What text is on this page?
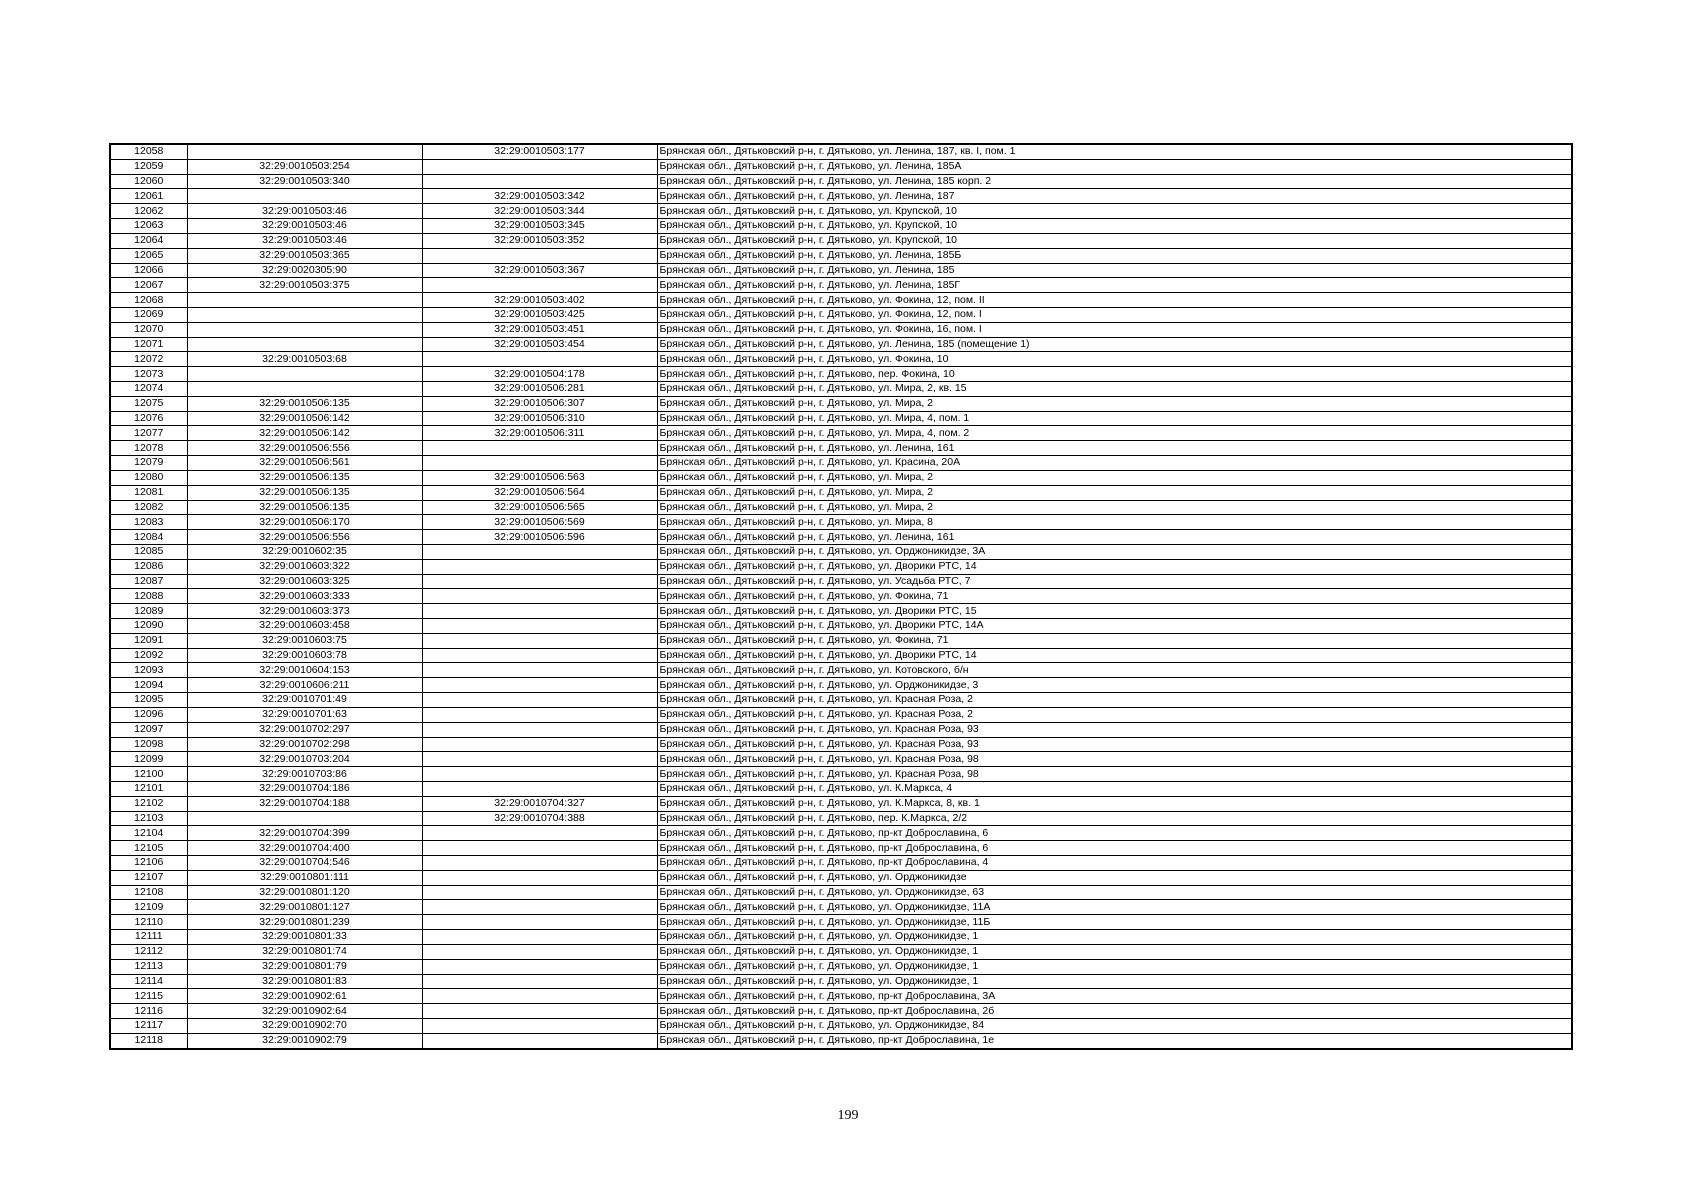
12058		32:29:0010503:177	Брянская обл., Дятьковский р-н, г. Дятьково, ул. Ленина, 187, кв. I, пом. 1
12059	32:29:0010503:254		Брянская обл., Дятьковский р-н, г. Дятьково, ул. Ленина, 185А
12060	32:29:0010503:340		Брянская обл., Дятьковский р-н, г. Дятьково, ул. Ленина, 185 корп. 2
12061		32:29:0010503:342	Брянская обл., Дятьковский р-н, г. Дятьково, ул. Ленина, 187
12062	32:29:0010503:46	32:29:0010503:344	Брянская обл., Дятьковский р-н, г. Дятьково, ул. Крупской, 10
12063	32:29:0010503:46	32:29:0010503:345	Брянская обл., Дятьковский р-н, г. Дятьково, ул. Крупской, 10
12064	32:29:0010503:46	32:29:0010503:352	Брянская обл., Дятьковский р-н, г. Дятьково, ул. Крупской, 10
12065	32:29:0010503:365		Брянская обл., Дятьковский р-н, г. Дятьково, ул. Ленина, 185Б
12066	32:29:0020305:90	32:29:0010503:367	Брянская обл., Дятьковский р-н, г. Дятьково, ул. Ленина, 185
12067	32:29:0010503:375		Брянская обл., Дятьковский р-н, г. Дятьково, ул. Ленина, 185Г
12068		32:29:0010503:402	Брянская обл., Дятьковский р-н, г. Дятьково, ул. Фокина, 12, пом. II
12069		32:29:0010503:425	Брянская обл., Дятьковский р-н, г. Дятьково, ул. Фокина, 12, пом. I
12070		32:29:0010503:451	Брянская обл., Дятьковский р-н, г. Дятьково, ул. Фокина, 16, пом. I
12071		32:29:0010503:454	Брянская обл., Дятьковский р-н, г. Дятьково, ул. Ленина, 185 (помещение 1)
12072	32:29:0010503:68		Брянская обл., Дятьковский р-н, г. Дятьково, ул. Фокина, 10
12073		32:29:0010504:178	Брянская обл., Дятьковский р-н, г. Дятьково, пер. Фокина, 10
12074		32:29:0010506:281	Брянская обл., Дятьковский р-н, г. Дятьково, ул. Мира, 2, кв. 15
12075	32:29:0010506:135	32:29:0010506:307	Брянская обл., Дятьковский р-н, г. Дятьково, ул. Мира, 2
12076	32:29:0010506:142	32:29:0010506:310	Брянская обл., Дятьковский р-н, г. Дятьково, ул. Мира, 4, пом. 1
12077	32:29:0010506:142	32:29:0010506:311	Брянская обл., Дятьковский р-н, г. Дятьково, ул. Мира, 4, пом. 2
12078	32:29:0010506:556		Брянская обл., Дятьковский р-н, г. Дятьково, ул. Ленина, 161
12079	32:29:0010506:561		Брянская обл., Дятьковский р-н, г. Дятьково, ул. Красина, 20А
12080	32:29:0010506:135	32:29:0010506:563	Брянская обл., Дятьковский р-н, г. Дятьково, ул. Мира, 2
12081	32:29:0010506:135	32:29:0010506:564	Брянская обл., Дятьковский р-н, г. Дятьково, ул. Мира, 2
12082	32:29:0010506:135	32:29:0010506:565	Брянская обл., Дятьковский р-н, г. Дятьково, ул. Мира, 2
12083	32:29:0010506:170	32:29:0010506:569	Брянская обл., Дятьковский р-н, г. Дятьково, ул. Мира, 8
12084	32:29:0010506:556	32:29:0010506:596	Брянская обл., Дятьковский р-н, г. Дятьково, ул. Ленина, 161
12085	32:29:0010602:35		Брянская обл., Дятьковский р-н, г. Дятьково, ул. Орджоникидзе, 3А
12086	32:29:0010603:322		Брянская обл., Дятьковский р-н, г. Дятьково, ул. Дворики РТС, 14
12087	32:29:0010603:325		Брянская обл., Дятьковский р-н, г. Дятьково, ул. Усадьба РТС, 7
12088	32:29:0010603:333		Брянская обл., Дятьковский р-н, г. Дятьково, ул. Фокина, 71
12089	32:29:0010603:373		Брянская обл., Дятьковский р-н, г. Дятьково, ул. Дворики РТС, 15
12090	32:29:0010603:458		Брянская обл., Дятьковский р-н, г. Дятьково, ул. Дворики РТС, 14А
12091	32:29:0010603:75		Брянская обл., Дятьковский р-н, г. Дятьково, ул. Фокина, 71
12092	32:29:0010603:78		Брянская обл., Дятьковский р-н, г. Дятьково, ул. Дворики РТС, 14
12093	32:29:0010604:153		Брянская обл., Дятьковский р-н, г. Дятьково, ул. Котовского, б/н
12094	32:29:0010606:211		Брянская обл., Дятьковский р-н, г. Дятьково, ул. Орджоникидзе, 3
12095	32:29:0010701:49		Брянская обл., Дятьковский р-н, г. Дятьково, ул. Красная Роза, 2
12096	32:29:0010701:63		Брянская обл., Дятьковский р-н, г. Дятьково, ул. Красная Роза, 2
12097	32:29:0010702:297		Брянская обл., Дятьковский р-н, г. Дятьково, ул. Красная Роза, 93
12098	32:29:0010702:298		Брянская обл., Дятьковский р-н, г. Дятьково, ул. Красная Роза, 93
12099	32:29:0010703:204		Брянская обл., Дятьковский р-н, г. Дятьково, ул. Красная Роза, 98
12100	32:29:0010703:86		Брянская обл., Дятьковский р-н, г. Дятьково, ул. Красная Роза, 98
12101	32:29:0010704:186		Брянская обл., Дятьковский р-н, г. Дятьково, ул. К.Маркса, 4
12102	32:29:0010704:188	32:29:0010704:327	Брянская обл., Дятьковский р-н, г. Дятьково, ул. К.Маркса, 8, кв. 1
12103		32:29:0010704:388	Брянская обл., Дятьковский р-н, г. Дятьково, пер. К.Маркса, 2/2
12104	32:29:0010704:399		Брянская обл., Дятьковский р-н, г. Дятьково, пр-кт Доброславина, 6
12105	32:29:0010704:400		Брянская обл., Дятьковский р-н, г. Дятьково, пр-кт Доброславина, 6
12106	32:29:0010704:546		Брянская обл., Дятьковский р-н, г. Дятьково, пр-кт Доброславина, 4
12107	32:29:0010801:111		Брянская обл., Дятьковский р-н, г. Дятьково, ул. Орджоникидзе
12108	32:29:0010801:120		Брянская обл., Дятьковский р-н, г. Дятьково, ул. Орджоникидзе, 63
12109	32:29:0010801:127		Брянская обл., Дятьковский р-н, г. Дятьково, ул. Орджоникидзе, 11А
12110	32:29:0010801:239		Брянская обл., Дятьковский р-н, г. Дятьково, ул. Орджоникидзе, 11Б
12111	32:29:0010801:33		Брянская обл., Дятьковский р-н, г. Дятьково, ул. Орджоникидзе, 1
12112	32:29:0010801:74		Брянская обл., Дятьковский р-н, г. Дятьково, ул. Орджоникидзе, 1
12113	32:29:0010801:79		Брянская обл., Дятьковский р-н, г. Дятьково, ул. Орджоникидзе, 1
12114	32:29:0010801:83		Брянская обл., Дятьковский р-н, г. Дятьково, ул. Орджоникидзе, 1
12115	32:29:0010902:61		Брянская обл., Дятьковский р-н, г. Дятьково, пр-кт Доброславина, 3А
12116	32:29:0010902:64		Брянская обл., Дятьковский р-н, г. Дятьково, пр-кт Доброславина, 2б
12117	32:29:0010902:70		Брянская обл., Дятьковский р-н, г. Дятьково, ул. Орджоникидзе, 84
12118	32:29:0010902:79		Брянская обл., Дятьковский р-н, г. Дятьково, пр-кт Доброславина, 1е
199
